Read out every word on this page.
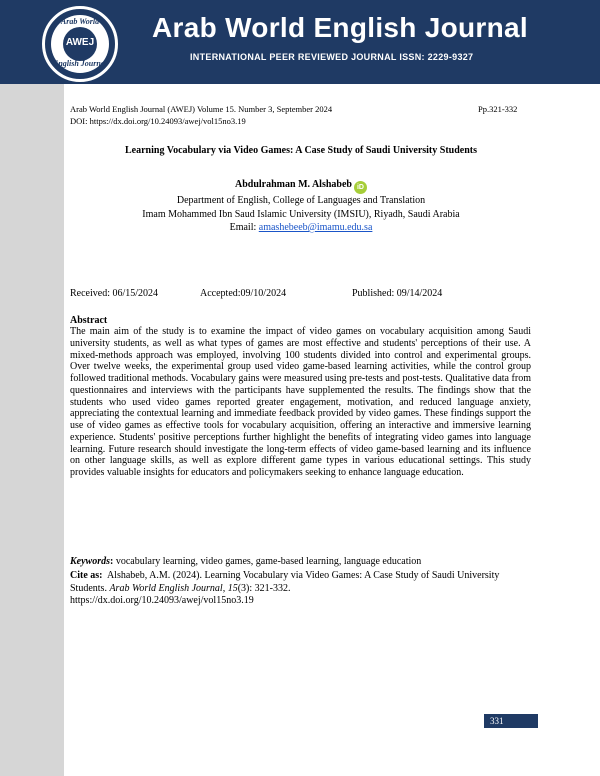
Arab World
AWEJ
English Journal
Arab World English Journal
INTERNATIONAL PEER REVIEWED JOURNAL ISSN: 2229-9327
Arab World English Journal (AWEJ) Volume 15. Number 3, September 2024	Pp.321-332
DOI: https://dx.doi.org/10.24093/awej/vol15no3.19
Learning Vocabulary via Video Games: A Case Study of Saudi University Students
Abdulrahman M. Alshabeb iD
Department of English, College of Languages and Translation
Imam Mohammed Ibn Saud Islamic University (IMSIU), Riyadh, Saudi Arabia
Email: amashebeeb@imamu.edu.sa
Received: 06/15/2024	Accepted:09/10/2024	Published: 09/14/2024
Abstract
The main aim of the study is to examine the impact of video games on vocabulary acquisition among Saudi university students, as well as what types of games are most effective and students' perceptions of their use. A mixed-methods approach was employed, involving 100 students divided into control and experimental groups. Over twelve weeks, the experimental group used video game-based learning activities, while the control group followed traditional methods. Vocabulary gains were measured using pre-tests and post-tests. Qualitative data from questionnaires and interviews with the participants have supplemented the results. The findings show that the students who used video games reported greater engagement, motivation, and reduced language anxiety, appreciating the contextual learning and immediate feedback provided by video games. These findings support the use of video games as effective tools for vocabulary acquisition, offering an interactive and immersive learning experience. Students' positive perceptions further highlight the benefits of integrating video games into language learning. Future research should investigate the long-term effects of video game-based learning and its influence on other language skills, as well as explore different game types in various educational settings. This study provides valuable insights for educators and policymakers seeking to enhance language education.
Keywords: vocabulary learning, video games, game-based learning, language education
Cite as: Alshabeb, A.M. (2024). Learning Vocabulary via Video Games: A Case Study of Saudi University Students. Arab World English Journal, 15(3): 321-332.
https://dx.doi.org/10.24093/awej/vol15no3.19
331
